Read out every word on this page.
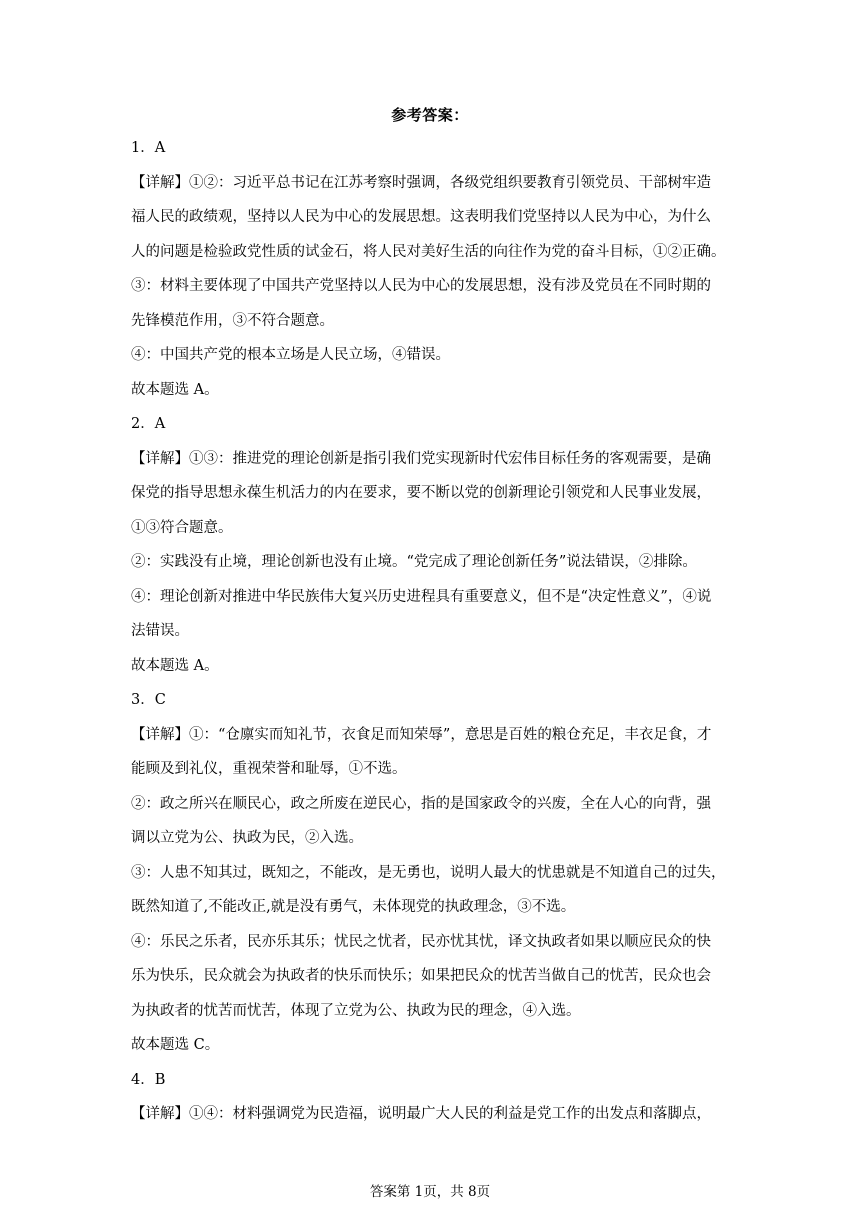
参考答案：
1．A
【详解】①②：习近平总书记在江苏考察时强调，各级党组织要教育引领党员、干部树牢造
福人民的政绩观，坚持以人民为中心的发展思想。这表明我们党坚持以人民为中心，为什么
人的问题是检验政党性质的试金石，将人民对美好生活的向往作为党的奋斗目标，①②正确。
③：材料主要体现了中国共产党坚持以人民为中心的发展思想，没有涉及党员在不同时期的
先锋模范作用，③不符合题意。
④：中国共产党的根本立场是人民立场，④错误。
故本题选 A。
2．A
【详解】①③：推进党的理论创新是指引我们党实现新时代宏伟目标任务的客观需要，是确
保党的指导思想永葆生机活力的内在要求，要不断以党的创新理论引领党和人民事业发展，
①③符合题意。
②：实践没有止境，理论创新也没有止境。“党完成了理论创新任务”说法错误，②排除。
④：理论创新对推进中华民族伟大复兴历史进程具有重要意义，但不是“决定性意义”，④说
法错误。
故本题选 A。
3．C
【详解】①：“仓廪实而知礼节，衣食足而知荣辱”，意思是百姓的粮仓充足，丰衣足食，才
能顾及到礼仪，重视荣誉和耻辱，①不选。
②：政之所兴在顺民心，政之所废在逆民心，指的是国家政令的兴废，全在人心的向背，强
调以立党为公、执政为民，②入选。
③：人患不知其过，既知之，不能改，是无勇也，说明人最大的忧患就是不知道自己的过失，
既然知道了,不能改正,就是没有勇气，未体现党的执政理念，③不选。
④：乐民之乐者，民亦乐其乐；忧民之忧者，民亦忧其忧，译文执政者如果以顺应民众的快
乐为快乐，民众就会为执政者的快乐而快乐；如果把民众的忧苦当做自己的忧苦，民众也会
为执政者的忧苦而忧苦，体现了立党为公、执政为民的理念，④入选。
故本题选 C。
4．B
【详解】①④：材料强调党为民造福，说明最广大人民的利益是党工作的出发点和落脚点，
答案第 1页，共 8页
